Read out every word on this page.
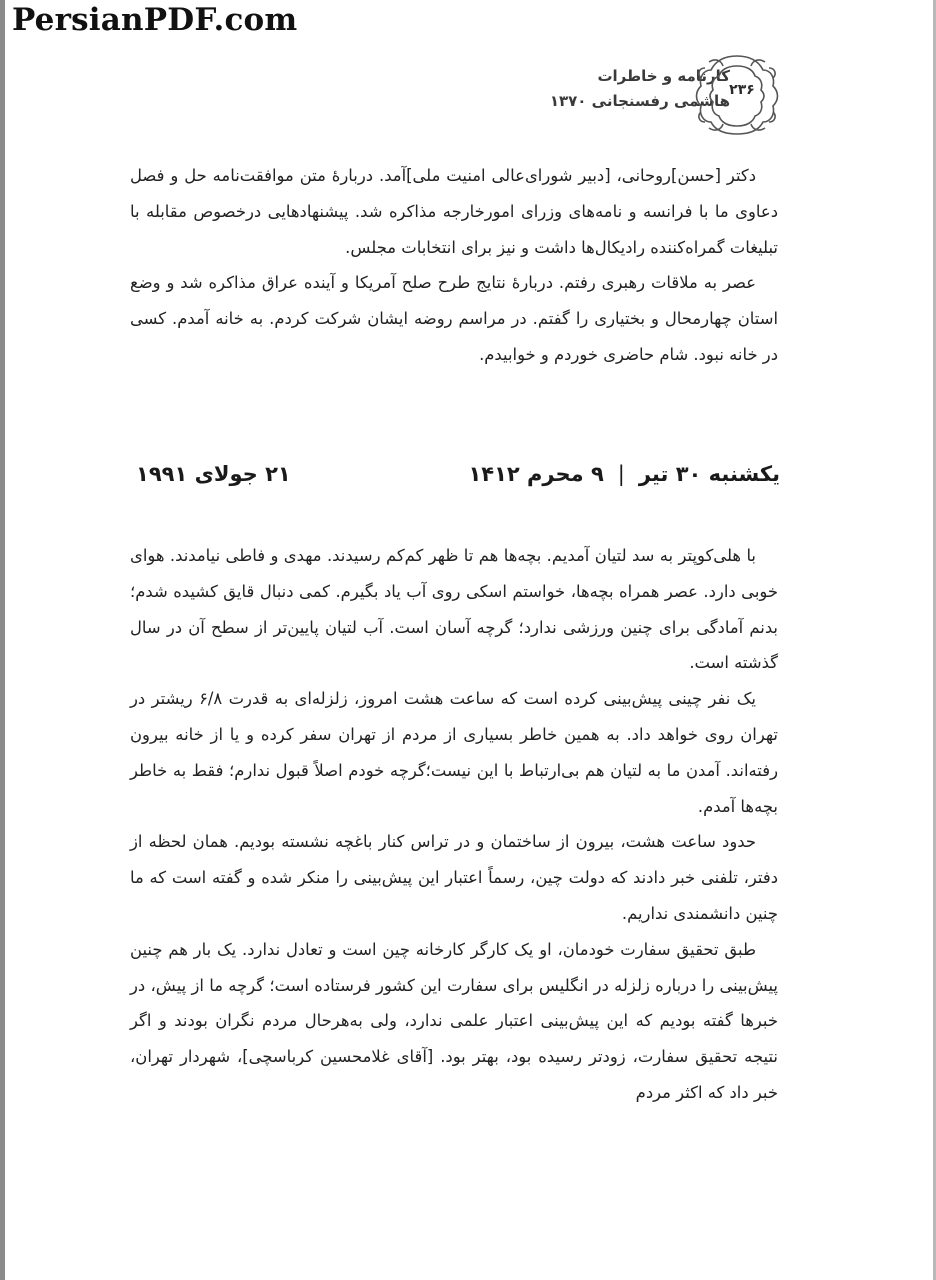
PersianPDF.com
کارنامه و خاطرات
هاشمی رفسنجانی ۱۳۷۰
۲۳۶

دکتر [حسن]روحانی، [دبیر شورای‌عالی امنیت ملی]آمد. دربارهٔ متن موافقت‌نامه حل و فصل دعاوی ما با فرانسه و نامه‌های وزرای امورخارجه مذاکره شد. پیشنهادهایی درخصوص مقابله با تبلیغات گمراه‌کننده رادیکال‌ها داشت و نیز برای انتخابات مجلس.

عصر به ملاقات رهبری رفتم. دربارهٔ نتایج طرح صلح آمریکا و آینده عراق مذاکره شد و وضع استان چهارمحال و بختیاری را گفتم. در مراسم روضه ایشان شرکت کردم. به خانه آمدم. کسی در خانه نبود. شام حاضری خوردم و خوابیدم.

یکشنبه ۳۰ تیر|۹ محرم ۱۴۱۲
۲۱ جولای ۱۹۹۱

با هلی‌کوپتر به سد لتیان آمدیم. بچه‌ها هم تا ظهر کم‌کم رسیدند. مهدی و فاطی نیامدند. هوای خوبی دارد. عصر همراه بچه‌ها، خواستم اسکی روی آب یاد بگیرم. کمی دنبال قایق کشیده شدم؛ بدنم آمادگی برای چنین ورزشی ندارد؛ گرچه آسان است. آب لتیان پایین‌تر از سطح آن در سال گذشته است.

یک نفر چینی پیش‌بینی کرده است که ساعت هشت امروز، زلزله‌ای به قدرت ۶/۸ ریشتر در تهران روی خواهد داد. به همین خاطر بسیاری از مردم از تهران سفر کرده و یا از خانه بیرون رفته‌اند. آمدن ما به لتیان هم بی‌ارتباط با این نیست؛گرچه خودم اصلاً قبول ندارم؛ فقط به خاطر بچه‌ها آمدم.

حدود ساعت هشت، بیرون از ساختمان و در تراس کنار باغچه نشسته بودیم. همان لحظه از دفتر، تلفنی خبر دادند که دولت چین، رسماً اعتبار این پیش‌بینی را منکر شده و گفته است که ما چنین دانشمندی نداریم.

طبق تحقیق سفارت خودمان، او یک کارگر کارخانه چین است و تعادل ندارد. یک بار هم چنین پیش‌بینی را درباره زلزله در انگلیس برای سفارت این کشور فرستاده است؛ گرچه ما از پیش، در خبرها گفته بودیم که این پیش‌بینی اعتبار علمی ندارد، ولی به‌هرحال مردم نگران بودند و اگر نتیجه تحقیق سفارت، زودتر رسیده بود، بهتر بود. [آقای غلامحسین کرباسچی]، شهردار تهران، خبر داد که اکثر مردم
